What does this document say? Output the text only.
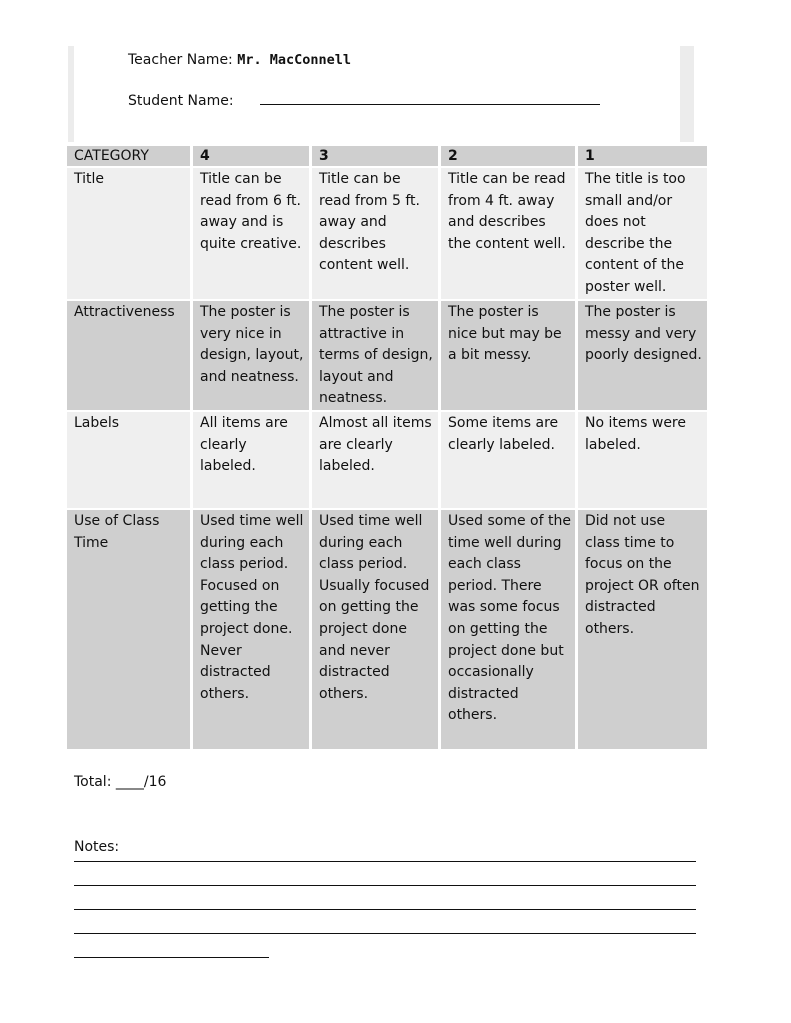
Teacher Name: Mr. MacConnell
Student Name:
CATEGORY	4	3	2	1
Title	Title can be read from 6 ft. away and is quite creative.	Title can be read from 5 ft. away and describes content well.	Title can be read from 4 ft. away and describes the content well.	The title is too small and/or does not describe the content of the poster well.
Attractiveness	The poster is very nice in design, layout, and neatness.	The poster is attractive in terms of design, layout and neatness.	The poster is nice but may be a bit messy.	The poster is messy and very poorly designed.
Labels	All items are clearly labeled.	Almost all items are clearly labeled.	Some items are clearly labeled.	No items were labeled.
Use of Class Time	Used time well during each class period. Focused on getting the project done. Never distracted others.	Used time well during each class period. Usually focused on getting the project done and never distracted others.	Used some of the time well during each class period. There was some focus on getting the project done but occasionally distracted others.	Did not use class time to focus on the project OR often distracted others.
Total: ____/16
Notes:
